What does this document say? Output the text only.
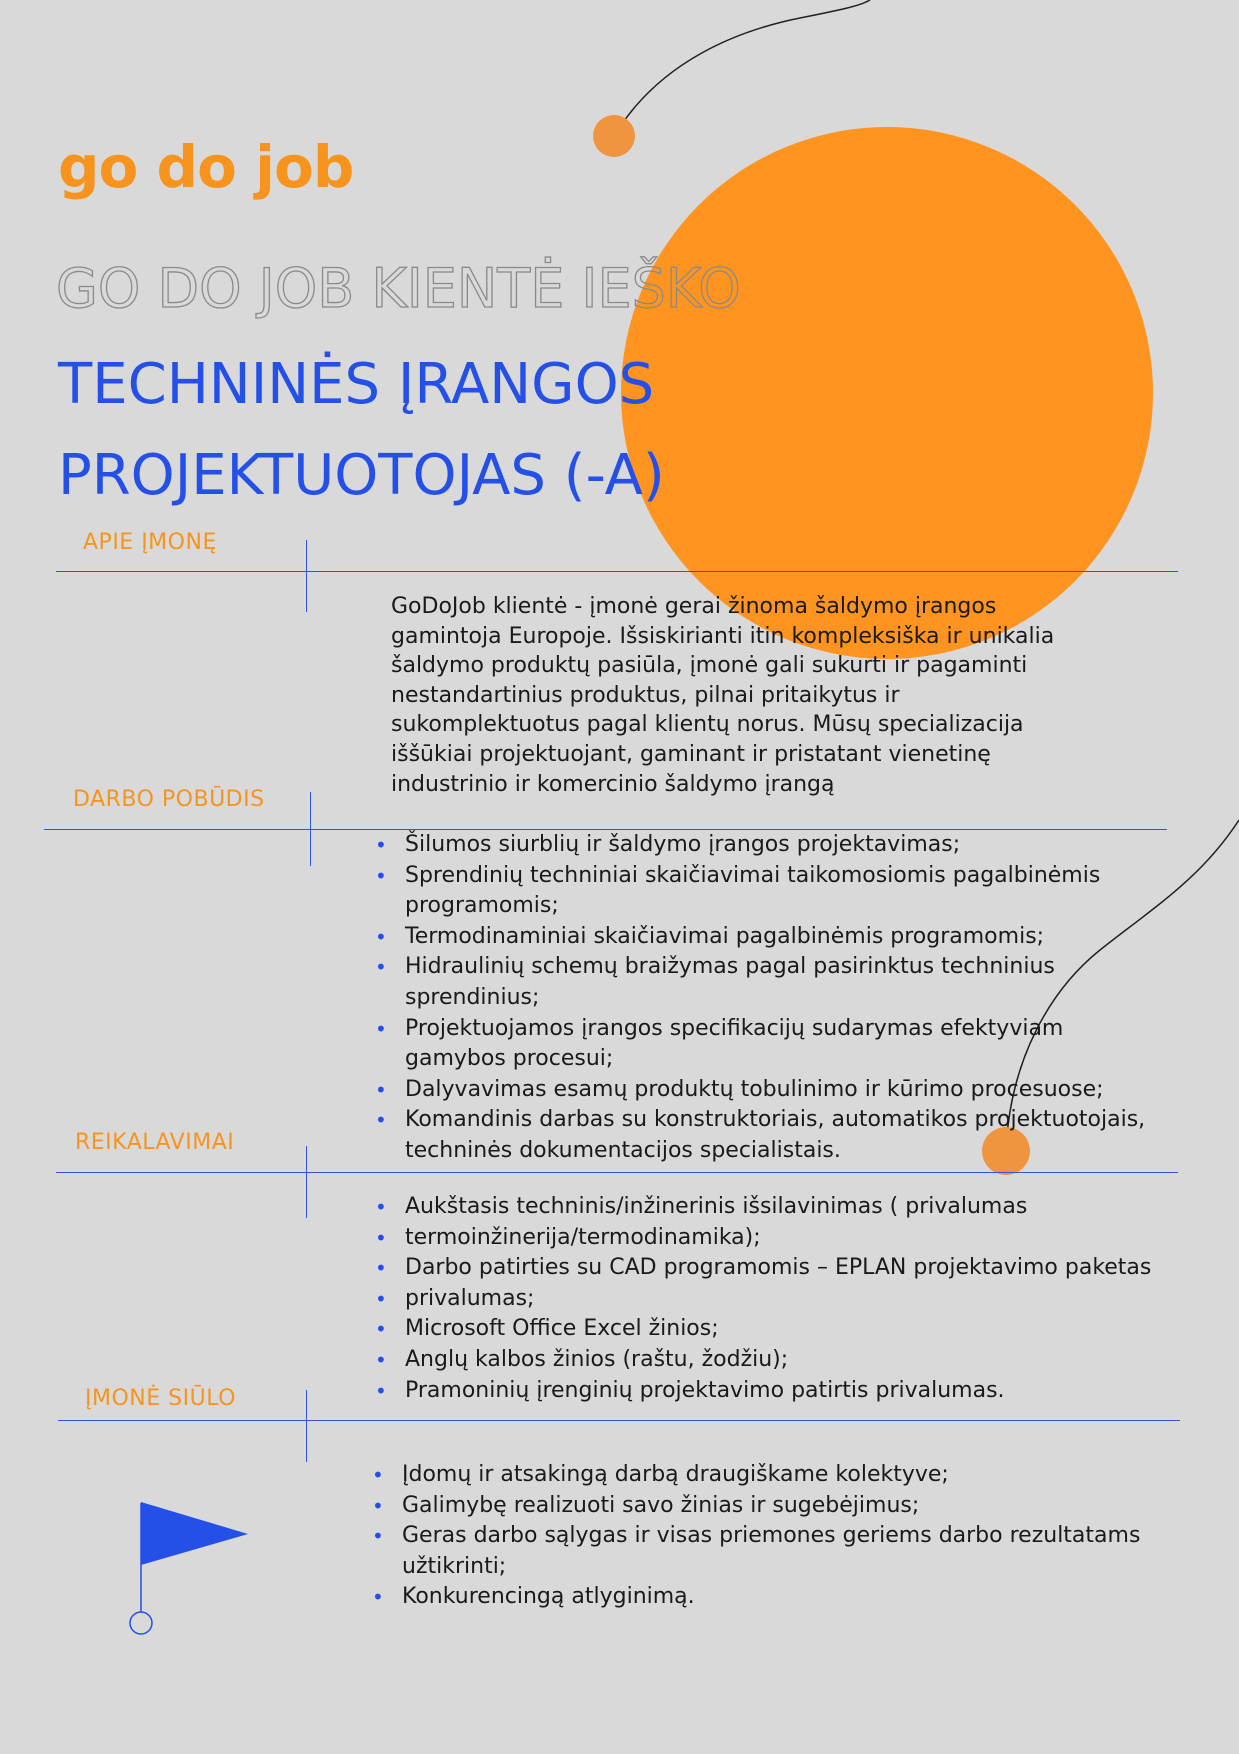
go do job
GO DO JOB KIENTĖ IEŠKO
TECHNINĖS ĮRANGOS
PROJEKTUOTOJAS (-A)
APIE ĮMONĘ

GoDoJob klientė - įmonė gerai žinoma šaldymo įrangos gamintoja Europoje. Išsiskirianti itin kompleksiška ir unikalia šaldymo produktų pasiūla, įmonė gali sukurti ir pagaminti nestandartinius produktus, pilnai pritaikytus ir sukomplektuotus pagal klientų norus. Mūsų specializacija iššūkiai projektuojant, gaminant ir pristatant vienetinę industrinio ir komercinio šaldymo įrangą

DARBO POBŪDIS
• Šilumos siurblių ir šaldymo įrangos projektavimas;
• Sprendinių techniniai skaičiavimai taikomosiomis pagalbinėmis programomis;
• Termodinaminiai skaičiavimai pagalbinėmis programomis;
• Hidraulinių schemų braižymas pagal pasirinktus techninius sprendinius;
• Projektuojamos įrangos specifikacijų sudarymas efektyviam gamybos procesui;
• Dalyvavimas esamų produktų tobulinimo ir kūrimo procesuose;
• Komandinis darbas su konstruktoriais, automatikos projektuotojais, techninės dokumentacijos specialistais.
REIKALAVIMAI
• Aukštasis techninis/inžinerinis išsilavinimas ( privalumas
• termoinžinerija/termodinamika);
• Darbo patirties su CAD programomis – EPLAN projektavimo paketas
• privalumas;
• Microsoft Office Excel žinios;
• Anglų kalbos žinios (raštu, žodžiu);
• Pramoninių įrenginių projektavimo patirtis privalumas.
ĮMONĖ SIŪLO
• Įdomų ir atsakingą darbą draugiškame kolektyve;
• Galimybę realizuoti savo žinias ir sugebėjimus;
• Geras darbo sąlygas ir visas priemones geriems darbo rezultatams užtikrinti;
• Konkurencingą atlyginimą.
